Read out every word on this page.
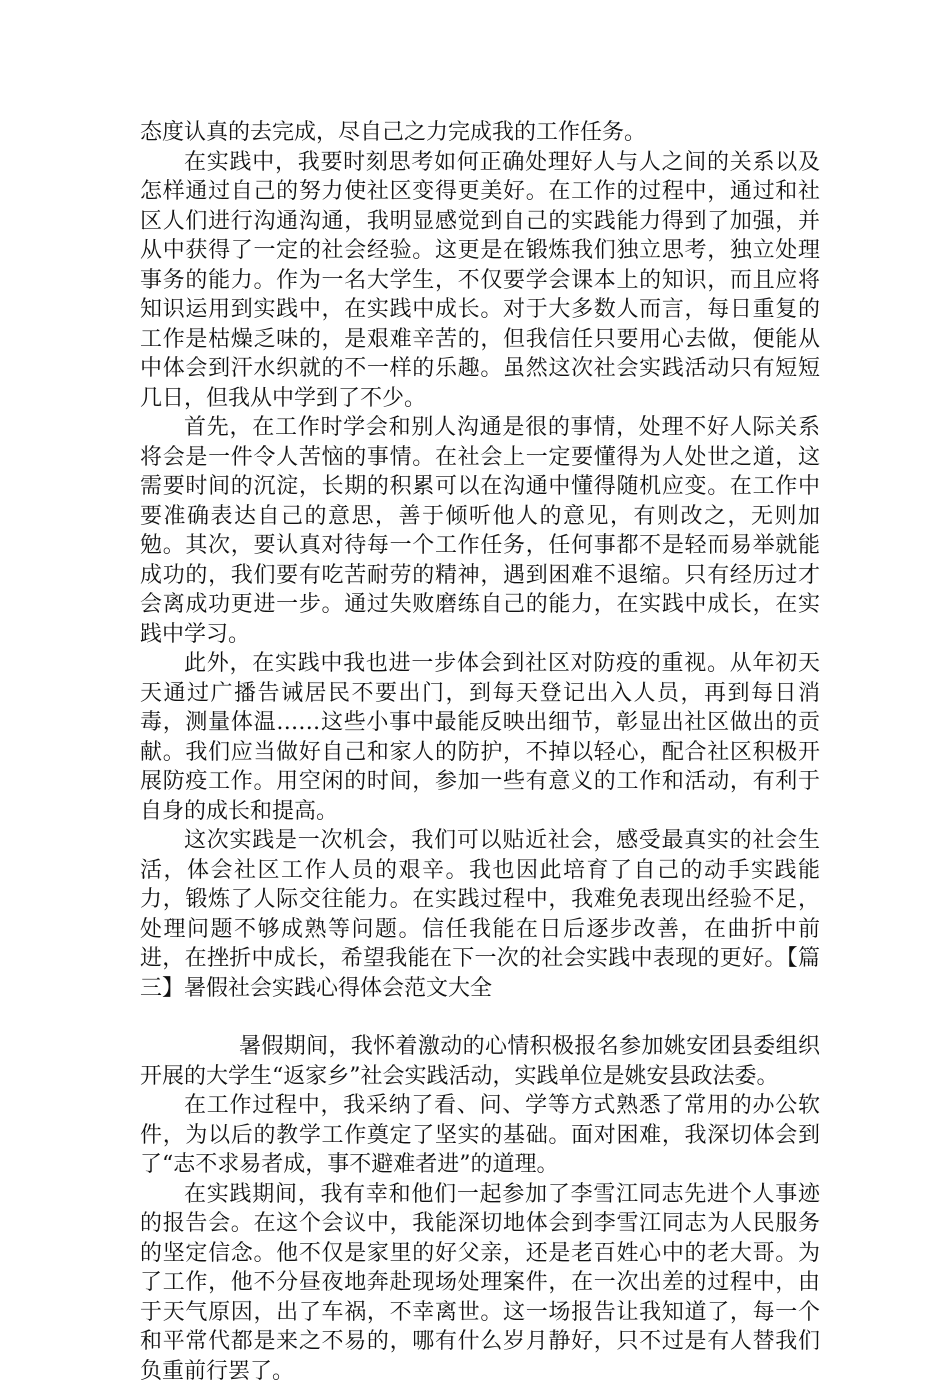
态度认真的去完成，尽自己之力完成我的工作任务。

在实践中，我要时刻思考如何正确处理好人与人之间的关系以及怎样通过自己的努力使社区变得更美好。在工作的过程中，通过和社区人们进行沟通沟通，我明显感觉到自己的实践能力得到了加强，并从中获得了一定的社会经验。这更是在锻炼我们独立思考，独立处理事务的能力。作为一名大学生，不仅要学会课本上的知识，而且应将知识运用到实践中，在实践中成长。对于大多数人而言，每日重复的工作是枯燥乏味的，是艰难辛苦的，但我信任只要用心去做，便能从中体会到汗水织就的不一样的乐趣。虽然这次社会实践活动只有短短几日，但我从中学到了不少。

首先，在工作时学会和别人沟通是很的事情，处理不好人际关系将会是一件令人苦恼的事情。在社会上一定要懂得为人处世之道，这需要时间的沉淀，长期的积累可以在沟通中懂得随机应变。在工作中要准确表达自己的意思，善于倾听他人的意见，有则改之，无则加勉。其次，要认真对待每一个工作任务，任何事都不是轻而易举就能成功的，我们要有吃苦耐劳的精神，遇到困难不退缩。只有经历过才会离成功更进一步。通过失败磨练自己的能力，在实践中成长，在实践中学习。

此外，在实践中我也进一步体会到社区对防疫的重视。从年初天天通过广播告诫居民不要出门，到每天登记出入人员，再到每日消毒，测量体温……这些小事中最能反映出细节，彰显出社区做出的贡献。我们应当做好自己和家人的防护，不掉以轻心，配合社区积极开展防疫工作。用空闲的时间，参加一些有意义的工作和活动，有利于自身的成长和提高。

这次实践是一次机会，我们可以贴近社会，感受最真实的社会生活，体会社区工作人员的艰辛。我也因此培育了自己的动手实践能力，锻炼了人际交往能力。在实践过程中，我难免表现出经验不足，处理问题不够成熟等问题。信任我能在日后逐步改善，在曲折中前进，在挫折中成长，希望我能在下一次的社会实践中表现的更好。【篇三】暑假社会实践心得体会范文大全

暑假期间，我怀着激动的心情积极报名参加姚安团县委组织开展的大学生“返家乡”社会实践活动，实践单位是姚安县政法委。

在工作过程中，我采纳了看、问、学等方式熟悉了常用的办公软件，为以后的教学工作奠定了坚实的基础。面对困难，我深切体会到了“志不求易者成，事不避难者进”的道理。

在实践期间，我有幸和他们一起参加了李雪江同志先进个人事迹的报告会。在这个会议中，我能深切地体会到李雪江同志为人民服务的坚定信念。他不仅是家里的好父亲，还是老百姓心中的老大哥。为了工作，他不分昼夜地奔赴现场处理案件，在一次出差的过程中，由于天气原因，出了车祸，不幸离世。这一场报告让我知道了，每一个和平常代都是来之不易的，哪有什么岁月静好，只不过是有人替我们负重前行罢了。
